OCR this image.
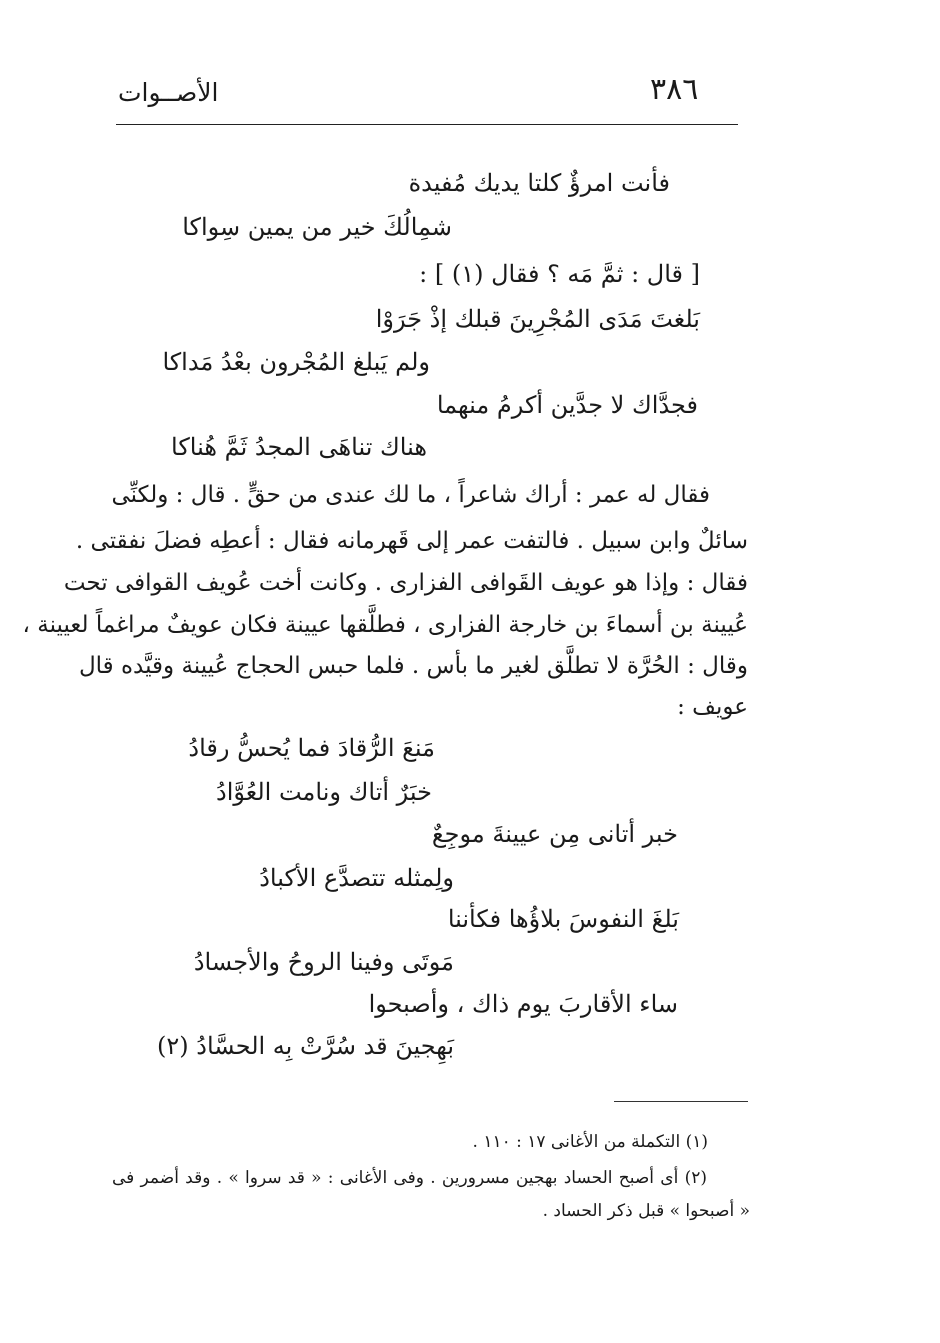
٣٨٦
الأصــوات
فأنت امرؤٌ كلتا يديك مُفيدة
شمِالُكَ خير من يمين سِواكا
[ قال : ثمَّ مَه ؟ فقال (١) ] :
بَلغتَ مَدَى المُجْرِينَ قبلك إذْ جَرَوْا
ولم يَبلغ المُجْرون بعْدُ مَداكا
فجدَّاك لا جدَّين أكرمُ منهما
هناك تناهَى المجدُ ثَمَّ هُناكا
فقال له عمر : أراك شاعراً ، ما لك عندى من حقٍّ . قال : ولكنِّى
سائلٌ وابن سبيل . فالتفت عمر إلى قَهرمانه فقال : أعطِه فضلَ نفقتى .
فقال : وإذا هو عويف القَوافى الفزارى . وكانت أخت عُويف القوافى تحت
عُيينة بن أسماءَ بن خارجة الفزارى ، فطلَّقها عيينة فكان عويفٌ مراغماً لعيينة ،
وقال : الحُرَّة لا تطلَّق لغير ما بأس . فلما حبس الحجاج عُيينة وقيَّده قال
عويف :
مَنعَ الرُّقادَ فما يُحسُّ رقادُ
خبَرٌ أتاك ونامت العُوَّادُ
خبر أتانى مِن عيينةَ موجِعٌ
ولِمثله تتصدَّع الأكبادُ
بَلغَ النفوسَ بلاؤُها فكأننا
مَوتَى وفينا الروحُ والأجسادُ
ساء الأقاربَ يوم ذاك ، وأصبحوا
بَهِجينَ قد سُرَّتْ بِه الحسَّادُ (٢)
(١) التكملة من الأغانى ١٧ : ١١٠ .
(٢) أى أصبح الحساد بهجين مسرورين . وفى الأغانى : « قد سروا » . وقد أضمر فى
« أصبحوا » قبل ذكر الحساد .
